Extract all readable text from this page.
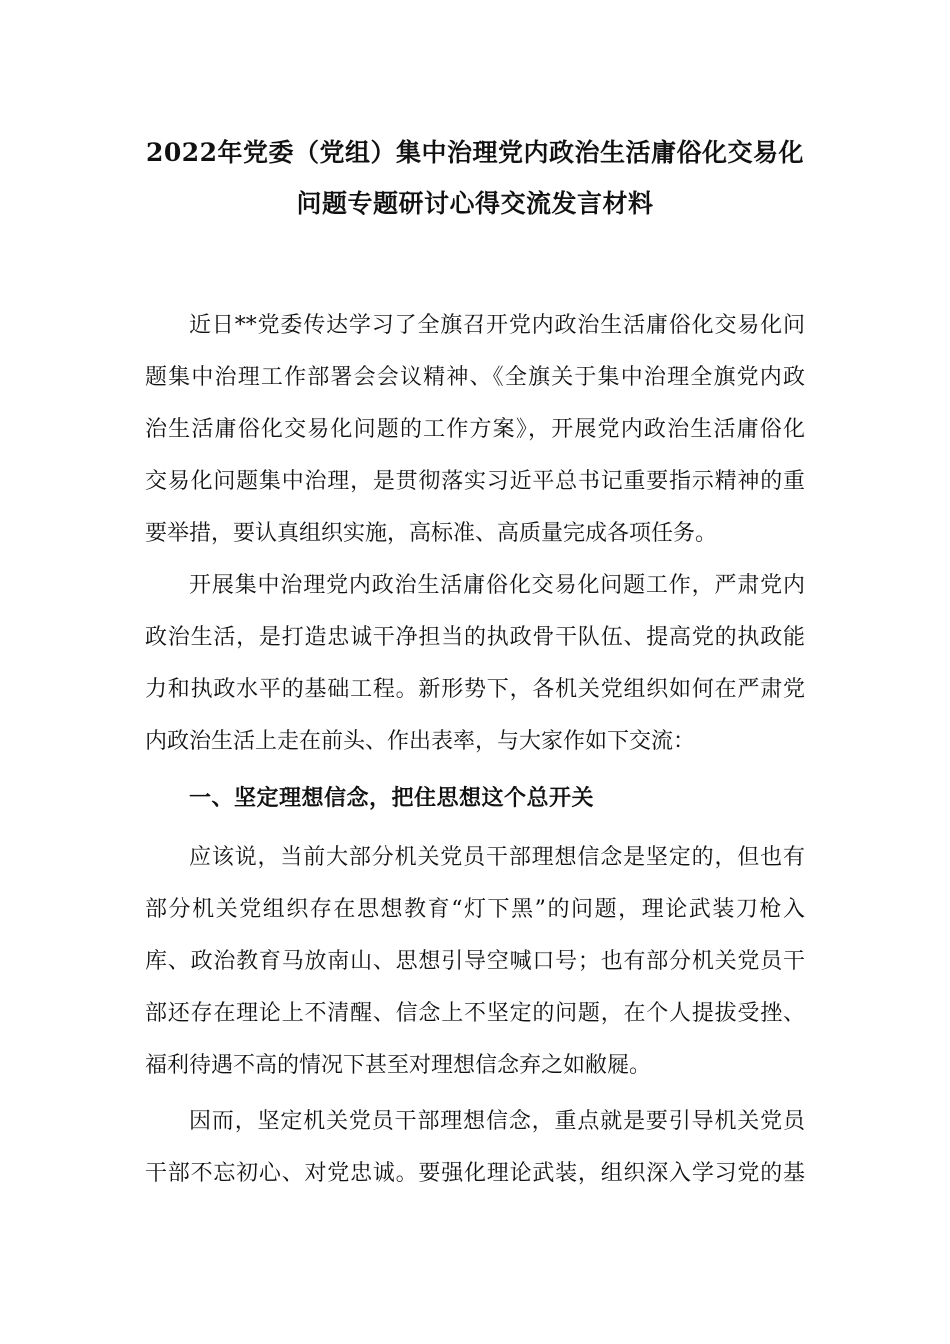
2022年党委（党组）集中治理党内政治生活庸俗化交易化
问题专题研讨心得交流发言材料
近日**党委传达学习了全旗召开党内政治生活庸俗化交易化问
题集中治理工作部署会会议精神、《全旗关于集中治理全旗党内政
治生活庸俗化交易化问题的工作方案》，开展党内政治生活庸俗化
交易化问题集中治理，是贯彻落实习近平总书记重要指示精神的重
要举措，要认真组织实施，高标准、高质量完成各项任务。
开展集中治理党内政治生活庸俗化交易化问题工作，严肃党内
政治生活，是打造忠诚干净担当的执政骨干队伍、提高党的执政能
力和执政水平的基础工程。新形势下，各机关党组织如何在严肃党
内政治生活上走在前头、作出表率，与大家作如下交流：
一、坚定理想信念，把住思想这个总开关
应该说，当前大部分机关党员干部理想信念是坚定的，但也有
部分机关党组织存在思想教育“灯下黑”的问题，理论武装刀枪入
库、政治教育马放南山、思想引导空喊口号；也有部分机关党员干
部还存在理论上不清醒、信念上不坚定的问题，在个人提拔受挫、
福利待遇不高的情况下甚至对理想信念弃之如敝屣。
因而，坚定机关党员干部理想信念，重点就是要引导机关党员
干部不忘初心、对党忠诚。要强化理论武装，组织深入学习党的基
